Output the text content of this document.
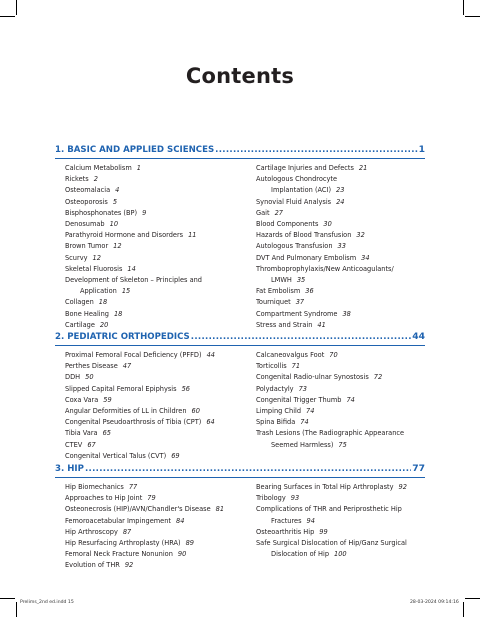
Contents
1. BASIC AND APPLIED SCIENCES .....	1
Calcium Metabolism 1
Rickets 2
Osteomalacia 4
Osteoporosis 5
Bisphosphonates (BP) 9
Denosumab 10
Parathyroid Hormone and Disorders 11
Brown Tumor 12
Scurvy 12
Skeletal Fluorosis 14
Development of Skeleton – Principles and
Application 15
Collagen 18
Bone Healing 18
Cartilage 20
Cartilage Injuries and Defects 21
Autologous Chondrocyte
Implantation (ACI) 23
Synovial Fluid Analysis 24
Gait 27
Blood Components 30
Hazards of Blood Transfusion 32
Autologous Transfusion 33
DVT And Pulmonary Embolism 34
Thromboprophylaxis/New Anticoagulants/
LMWH 35
Fat Embolism 36
Tourniquet 37
Compartment Syndrome 38
Stress and Strain 41
2. PEDIATRIC ORTHOPEDICS .....	44
Proximal Femoral Focal Deficiency (PFFD) 44
Perthes Disease 47
DDH 50
Slipped Capital Femoral Epiphysis 56
Coxa Vara 59
Angular Deformities of LL in Children 60
Congenital Pseudoarthrosis of Tibia (CPT) 64
Tibia Vara 65
CTEV 67
Congenital Vertical Talus (CVT) 69
Calcaneovalgus Foot 70
Torticollis 71
Congenital Radio-ulnar Synostosis 72
Polydactyly 73
Congenital Trigger Thumb 74
Limping Child 74
Spina Bifida 74
Trash Lesions (The Radiographic Appearance
Seemed Harmless) 75
3. HIP .....	77
Hip Biomechanics 77
Approaches to Hip Joint 79
Osteonecrosis (HIP)/AVN/Chandler's Disease 81
Femoroacetabular Impingement 84
Hip Arthroscopy 87
Hip Resurfacing Arthroplasty (HRA) 89
Femoral Neck Fracture Nonunion 90
Evolution of THR 92
Bearing Surfaces in Total Hip Arthroplasty 92
Tribology 93
Complications of THR and Periprosthetic Hip
Fractures 94
Osteoarthritis Hip 99
Safe Surgical Dislocation of Hip/Ganz Surgical
Dislocation of Hip 100
Prelims_2nd ed.indd 15	28-03-2024 09:14:16
